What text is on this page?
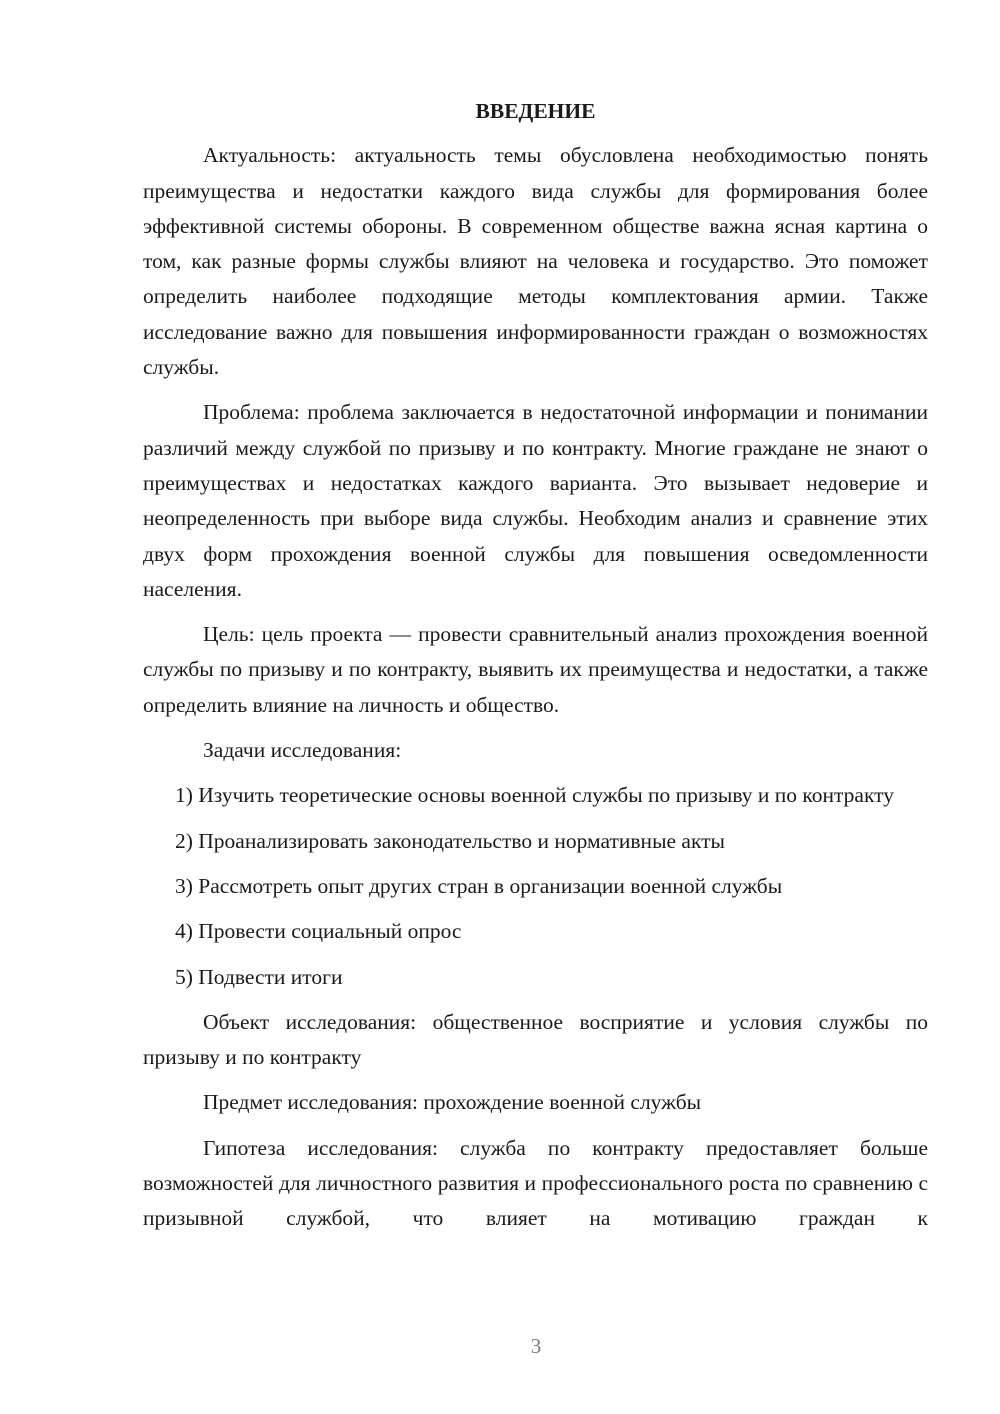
ВВЕДЕНИЕ

Актуальность: актуальность темы обусловлена необходимостью понять преимущества и недостатки каждого вида службы для формирования более эффективной системы обороны. В современном обществе важна ясная картина о том, как разные формы службы влияют на человека и государство. Это поможет определить наиболее подходящие методы комплектования армии. Также исследование важно для повышения информированности граждан о возможностях службы.

Проблема: проблема заключается в недостаточной информации и понимании различий между службой по призыву и по контракту. Многие граждане не знают о преимуществах и недостатках каждого варианта. Это вызывает недоверие и неопределенность при выборе вида службы. Необходим анализ и сравнение этих двух форм прохождения военной службы для повышения осведомленности населения.

Цель: цель проекта — провести сравнительный анализ прохождения военной службы по призыву и по контракту, выявить их преимущества и недостатки, а также определить влияние на личность и общество.

Задачи исследования:

1) Изучить теоретические основы военной службы по призыву и по контракту

2) Проанализировать законодательство и нормативные акты

3) Рассмотреть опыт других стран в организации военной службы

4) Провести социальный опрос

5) Подвести итоги

Объект исследования: общественное восприятие и условия службы по призыву и по контракту

Предмет исследования: прохождение военной службы

Гипотеза исследования: служба по контракту предоставляет больше возможностей для личностного развития и профессионального роста по сравнению с призывной службой, что влияет на мотивацию граждан к

3
